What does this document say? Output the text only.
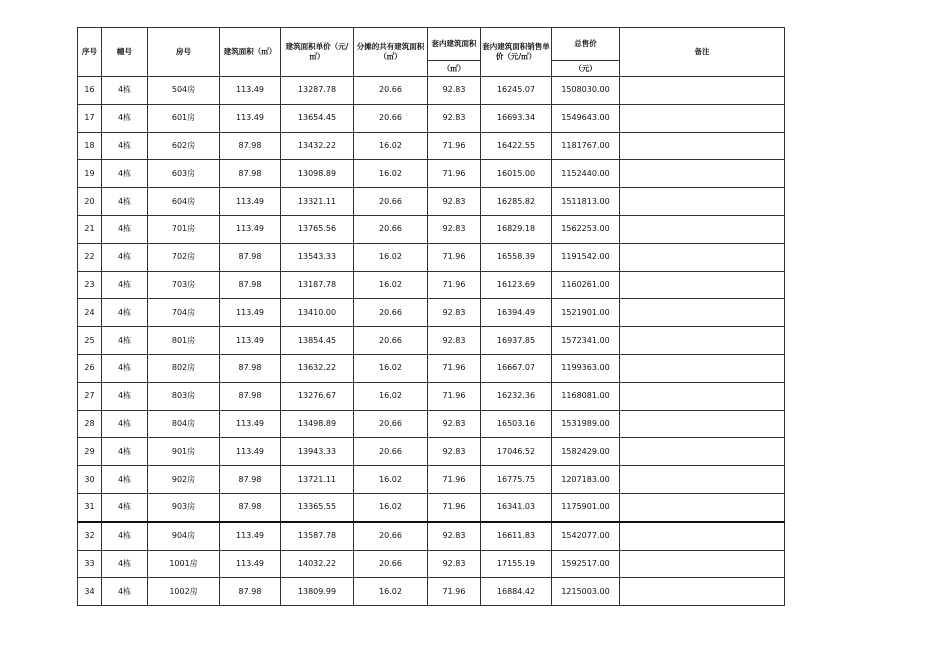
序号	幢号	房号	建筑面积（㎡）	建筑面积单价（元/㎡）	分摊的共有建筑面积（㎡）	套内建筑面积	套内建筑面积销售单价（元/㎡）	总售价	备注
						（㎡）		（元）	
16	4栋	504房	113.49	13287.78	20.66	92.83	16245.07	1508030.00	
17	4栋	601房	113.49	13654.45	20.66	92.83	16693.34	1549643.00	
18	4栋	602房	87.98	13432.22	16.02	71.96	16422.55	1181767.00	
19	4栋	603房	87.98	13098.89	16.02	71.96	16015.00	1152440.00	
20	4栋	604房	113.49	13321.11	20.66	92.83	16285.82	1511813.00	
21	4栋	701房	113.49	13765.56	20.66	92.83	16829.18	1562253.00	
22	4栋	702房	87.98	13543.33	16.02	71.96	16558.39	1191542.00	
23	4栋	703房	87.98	13187.78	16.02	71.96	16123.69	1160261.00	
24	4栋	704房	113.49	13410.00	20.66	92.83	16394.49	1521901.00	
25	4栋	801房	113.49	13854.45	20.66	92.83	16937.85	1572341.00	
26	4栋	802房	87.98	13632.22	16.02	71.96	16667.07	1199363.00	
27	4栋	803房	87.98	13276.67	16.02	71.96	16232.36	1168081.00	
28	4栋	804房	113.49	13498.89	20.66	92.83	16503.16	1531989.00	
29	4栋	901房	113.49	13943.33	20.66	92.83	17046.52	1582429.00	
30	4栋	902房	87.98	13721.11	16.02	71.96	16775.75	1207183.00	
31	4栋	903房	87.98	13365.55	16.02	71.96	16341.03	1175901.00	
32	4栋	904房	113.49	13587.78	20.66	92.83	16611.83	1542077.00	
33	4栋	1001房	113.49	14032.22	20.66	92.83	17155.19	1592517.00	
34	4栋	1002房	87.98	13809.99	16.02	71.96	16884.42	1215003.00	
